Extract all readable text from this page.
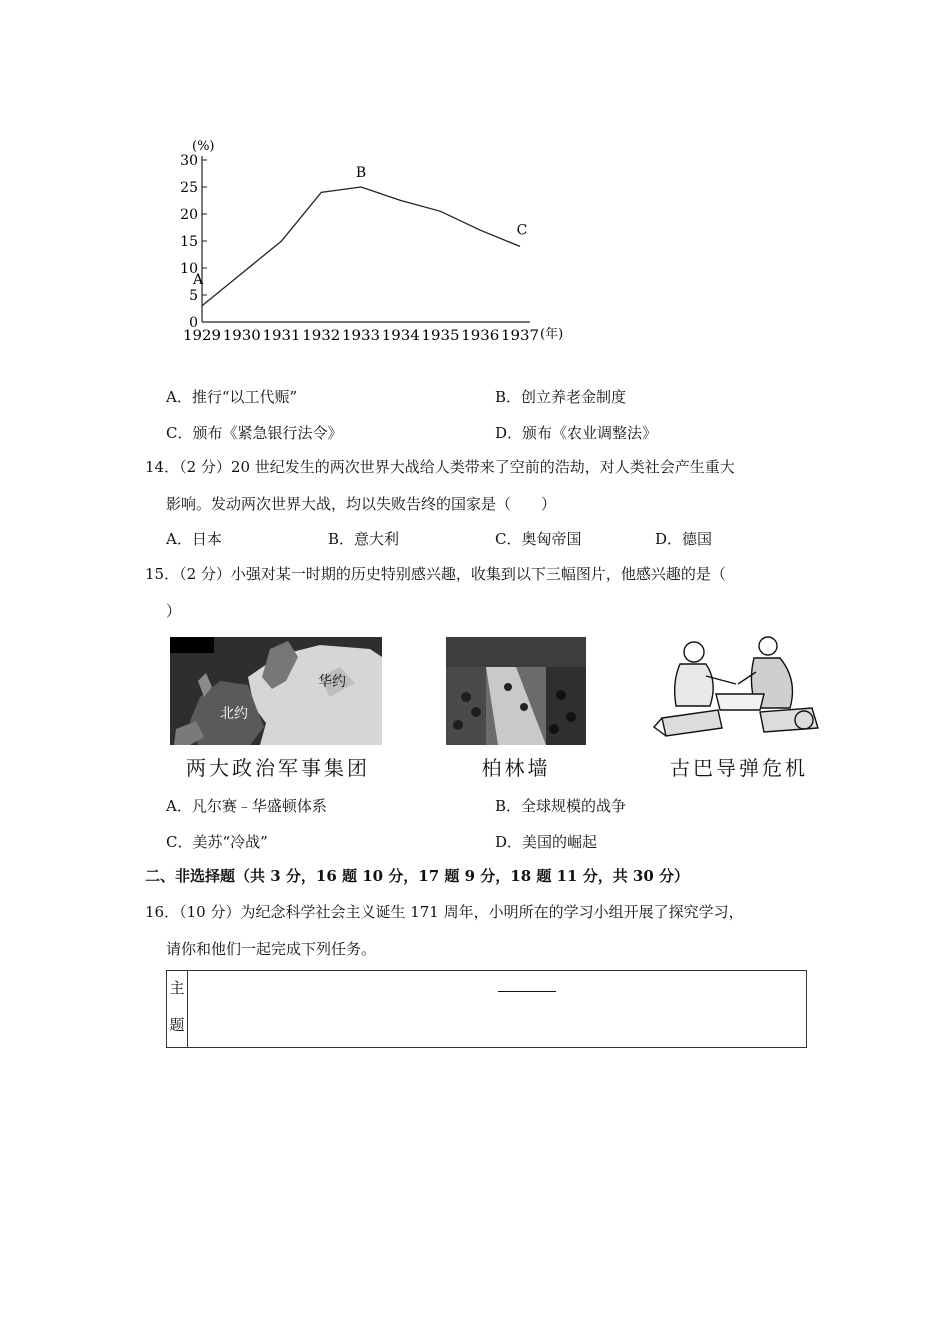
30
25
20
15
10
5
0
1929 1930 1931 1932 1933 1934 1935 1936 1937
A
B
C
(%)
(年)
A．推行“以工代赈”	B．创立养老金制度
C．颁布《紧急银行法令》	D．颁布《农业调整法》
14．（2 分）20 世纪发生的两次世界大战给人类带来了空前的浩劫，对人类社会产生重大
影响。发动两次世界大战，均以失败告终的国家是（　　）
A．日本	B．意大利	C．奥匈帝国	D．德国
15．（2 分）小强对某一时期的历史特别感兴趣，收集到以下三幅图片，他感兴趣的是（
）
华约
北约
两大政治军事集团	柏林墙	古巴导弹危机
A．凡尔赛﹣华盛顿体系	B．全球规模的战争
C．美苏“冷战”	D．美国的崛起
二、非选择题（共 3 分，16 题 10 分，17 题 9 分，18 题 11 分，共 30 分）
16．（10 分）为纪念科学社会主义诞生 171 周年，小明所在的学习小组开展了探究学习，
请你和他们一起完成下列任务。
主
题
